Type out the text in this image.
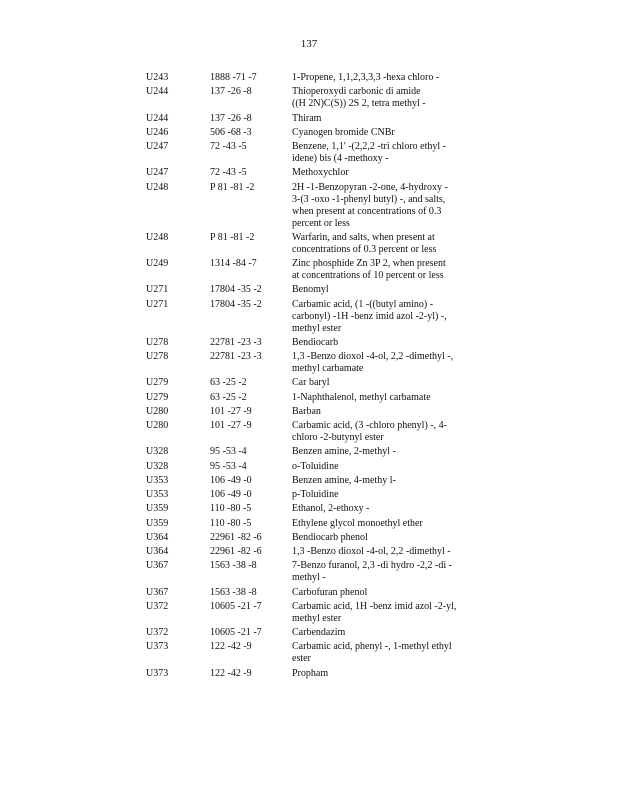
137
U243	1888 -71 -7	1-Propene, 1,1,2,3,3,3 -hexa chloro -
U244	137 -26 -8	Thioperoxydi carbonic di amide
((H 2N)C(S)) 2S 2, tetra methyl -
U244	137 -26 -8	Thiram
U246	506 -68 -3	Cyanogen bromide CNBr
U247	72 -43 -5	Benzene, 1,1' -(2,2,2 -tri chloro ethyl -
idene) bis (4 -methoxy -
U247	72 -43 -5	Methoxychlor
U248	P 81 -81 -2	2H -1-Benzopyran -2-one, 4-hydroxy -
3-(3 -oxo -1-phenyl butyl) -, and salts,
when present at concentrations of 0.3
percent or less
U248	P 81 -81 -2	Warfarin, and salts, when present at
concentrations of 0.3 percent or less
U249	1314 -84 -7	Zinc phosphide Zn 3P 2, when present
at concentrations of 10 percent or less
U271	17804 -35 -2	Benomyl
U271	17804 -35 -2	Carbamic acid, (1 -((butyl amino) -
carbonyl) -1H -benz imid azol -2-yl) -,
methyl ester
U278	22781 -23 -3	Bendiocarb
U278	22781 -23 -3	1,3 -Benzo dioxol -4-ol, 2,2 -dimethyl -,
methyl carbamate
U279	63 -25 -2	Car baryl
U279	63 -25 -2	1-Naphthalenol, methyl carbamate
U280	101 -27 -9	Barban
U280	101 -27 -9	Carbamic acid, (3 -chloro phenyl) -, 4-
chloro -2-butynyl ester
U328	95 -53 -4	Benzen amine, 2-methyl -
U328	95 -53 -4	o-Toluidine
U353	106 -49 -0	Benzen amine, 4-methy l-
U353	106 -49 -0	p-Toluidine
U359	110 -80 -5	Ethanol, 2-ethoxy -
U359	110 -80 -5	Ethylene glycol monoethyl ether
U364	22961 -82 -6	Bendiocarb phenol
U364	22961 -82 -6	1,3 -Benzo dioxol -4-ol, 2,2 -dimethyl -
U367	1563 -38 -8	7-Benzo furanol, 2,3 -di hydro -2,2 -di -
methyl -
U367	1563 -38 -8	Carbofuran phenol
U372	10605 -21 -7	Carbamic acid, 1H -benz imid azol -2-yl,
methyl ester
U372	10605 -21 -7	Carbendazim
U373	122 -42 -9	Carbamic acid, phenyl -, 1-methyl ethyl
ester
U373	122 -42 -9	Propham
